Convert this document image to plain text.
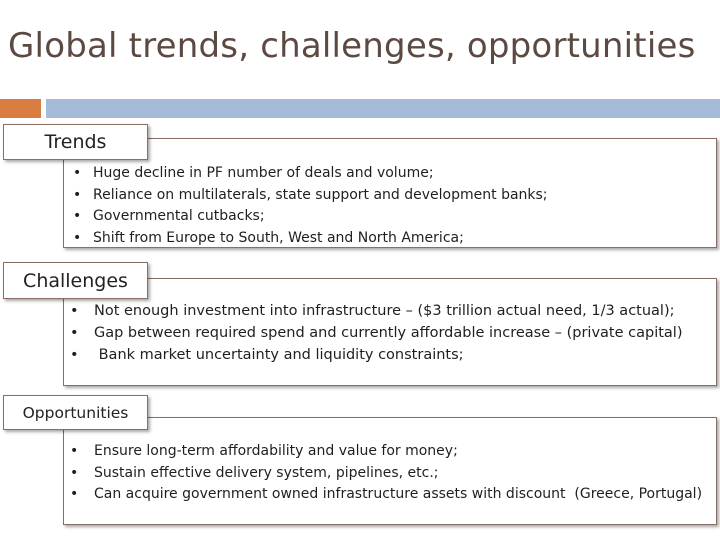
Global trends, challenges, opportunities
Trends
• Huge decline in PF number of deals and volume;
• Reliance on multilaterals, state support and development banks;
• Governmental cutbacks;
• Shift from Europe to South, West and North America;
Challenges
• Not enough investment into infrastructure – ($3 trillion actual need, 1/3 actual);
• Gap between required spend and currently affordable increase – (private capital)
• Bank market uncertainty and liquidity constraints;
Opportunities
• Ensure long-term affordability and value for money;
• Sustain effective delivery system, pipelines, etc.;
• Can acquire government owned infrastructure assets with discount  (Greece, Portugal)
